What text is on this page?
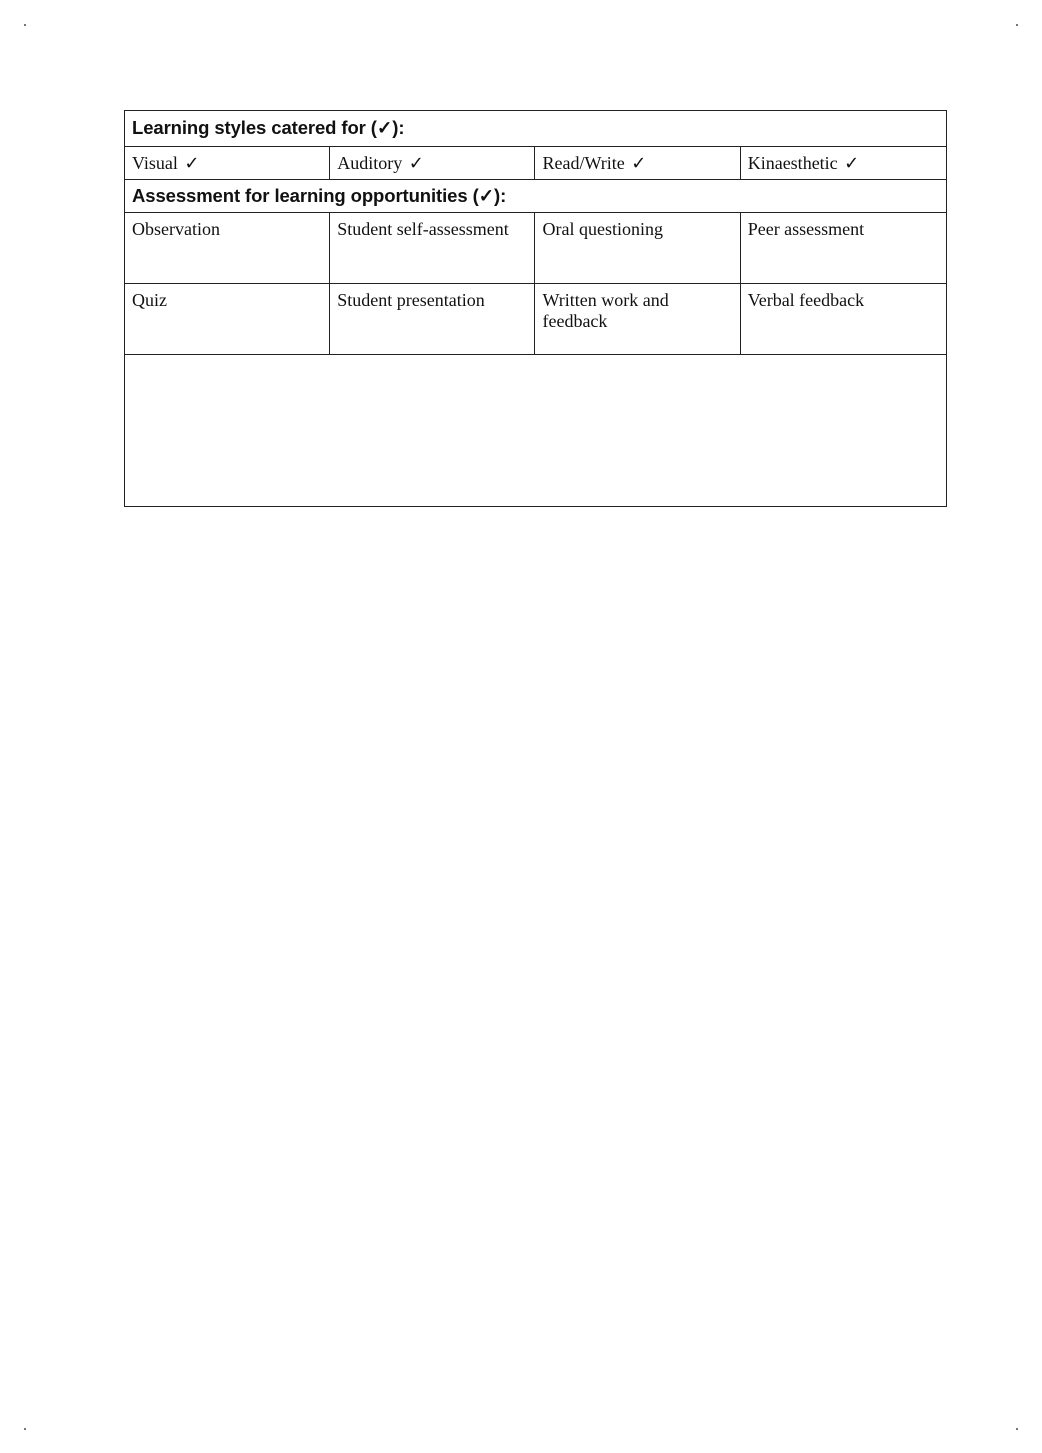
Learning styles catered for (✓):			
Visual ✓	Auditory ✓	Read/Write ✓	Kinaesthetic ✓
Assessment for learning opportunities (✓):			
Observation	Student self-assessment	Oral questioning	Peer assessment
Quiz	Student presentation	Written work and feedback	Verbal feedback
